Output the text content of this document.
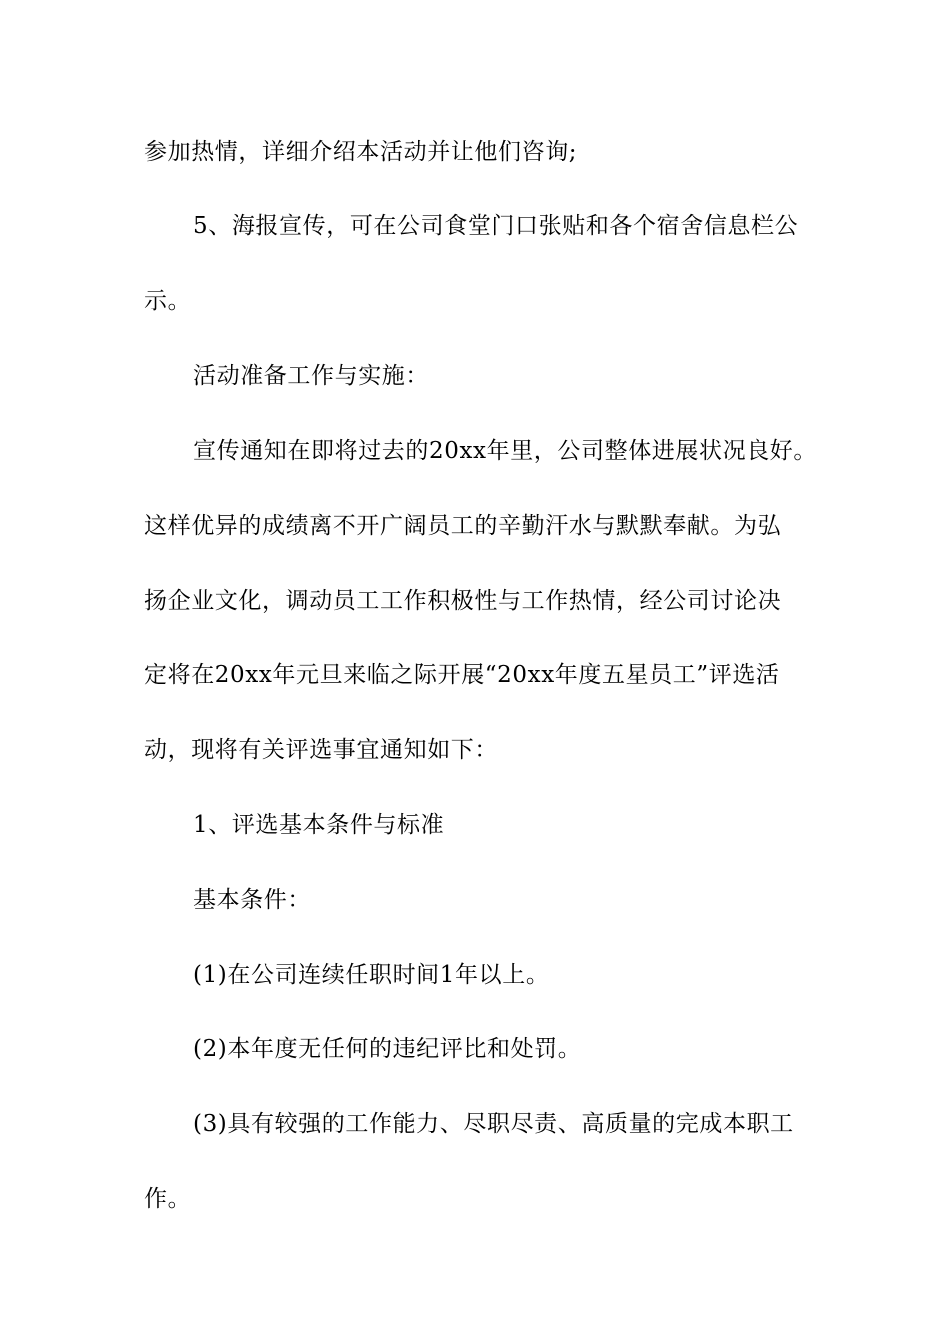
参加热情，详细介绍本活动并让他们咨询;
5、海报宣传，可在公司食堂门口张贴和各个宿舍信息栏公
示。
活动准备工作与实施：
宣传通知在即将过去的20xx年里，公司整体进展状况良好。
这样优异的成绩离不开广阔员工的辛勤汗水与默默奉献。为弘
扬企业文化，调动员工工作积极性与工作热情，经公司讨论决
定将在20xx年元旦来临之际开展“20xx年度五星员工”评选活
动，现将有关评选事宜通知如下：
1、评选基本条件与标准
基本条件：
(1)在公司连续任职时间1年以上。
(2)本年度无任何的违纪评比和处罚。
(3)具有较强的工作能力、尽职尽责、高质量的完成本职工
作。
